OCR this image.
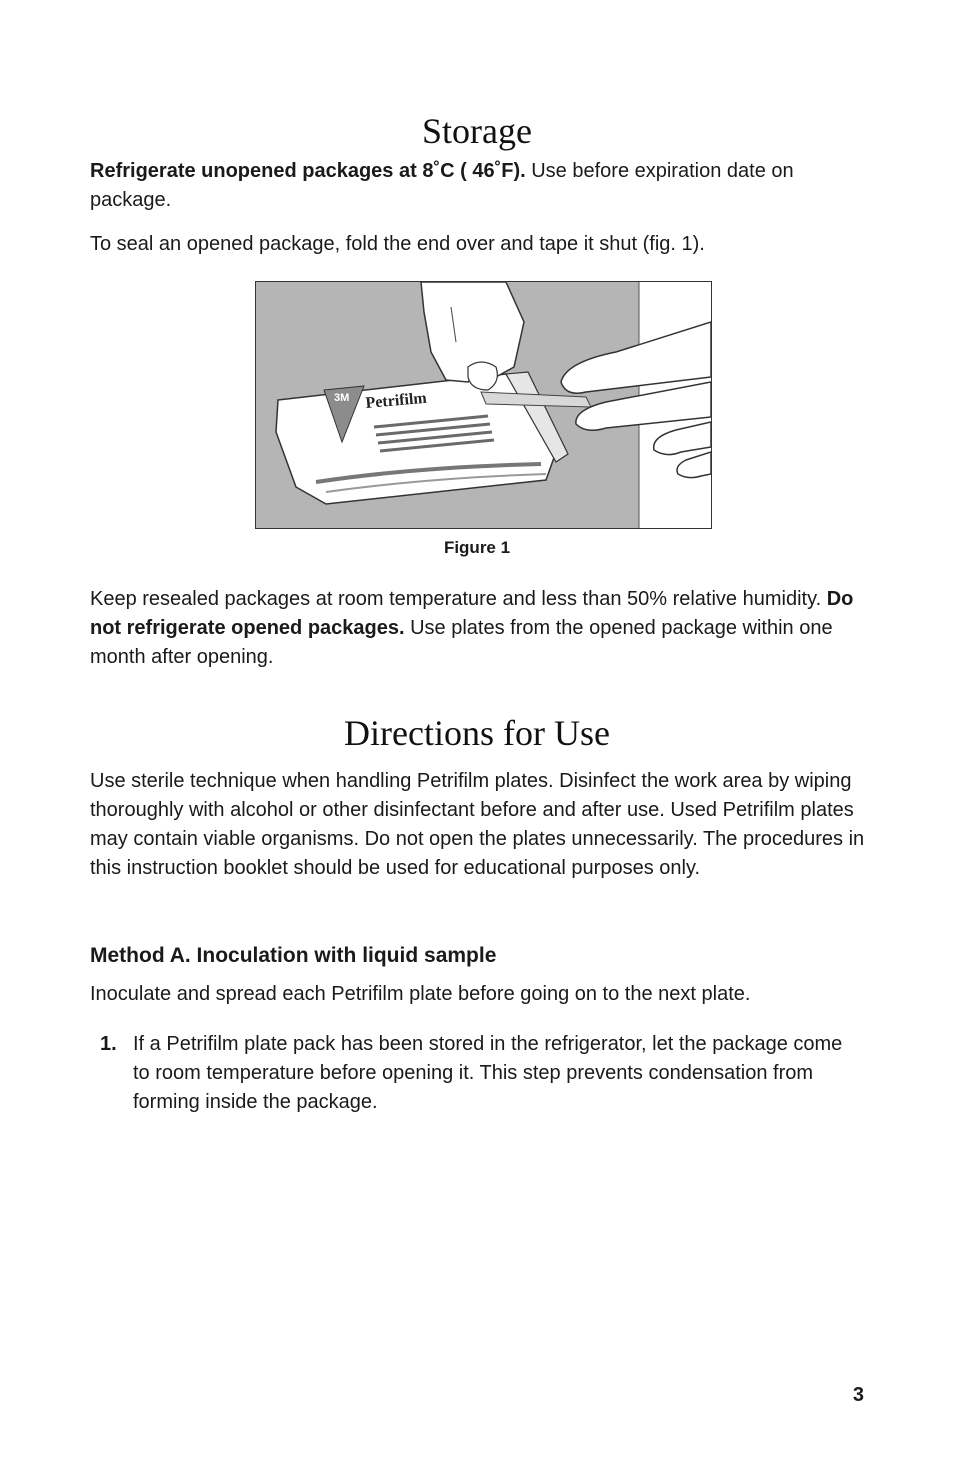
Storage

Refrigerate unopened packages at 8˚C ( 46˚F). Use before expiration date on package.

To seal an opened package, fold the end over and tape it shut (fig. 1).

3M Petrifilm
Figure 1

Keep resealed packages at room temperature and less than 50% relative humidity. Do not refrigerate opened packages. Use plates from the opened package within one month after opening.

Directions for Use

Use sterile technique when handling Petrifilm plates. Disinfect the work area by wiping thoroughly with alcohol or other disinfectant before and after use. Used Petrifilm plates may contain viable organisms. Do not open the plates unnecessarily. The procedures in this instruction booklet should be used for educational purposes only.

Method A. Inoculation with liquid sample

Inoculate and spread each Petrifilm plate before going on to the next plate.

1. If a Petrifilm plate pack has been stored in the refrigerator, let the package come to room temperature before opening it. This step prevents condensation from forming inside the package.

3
